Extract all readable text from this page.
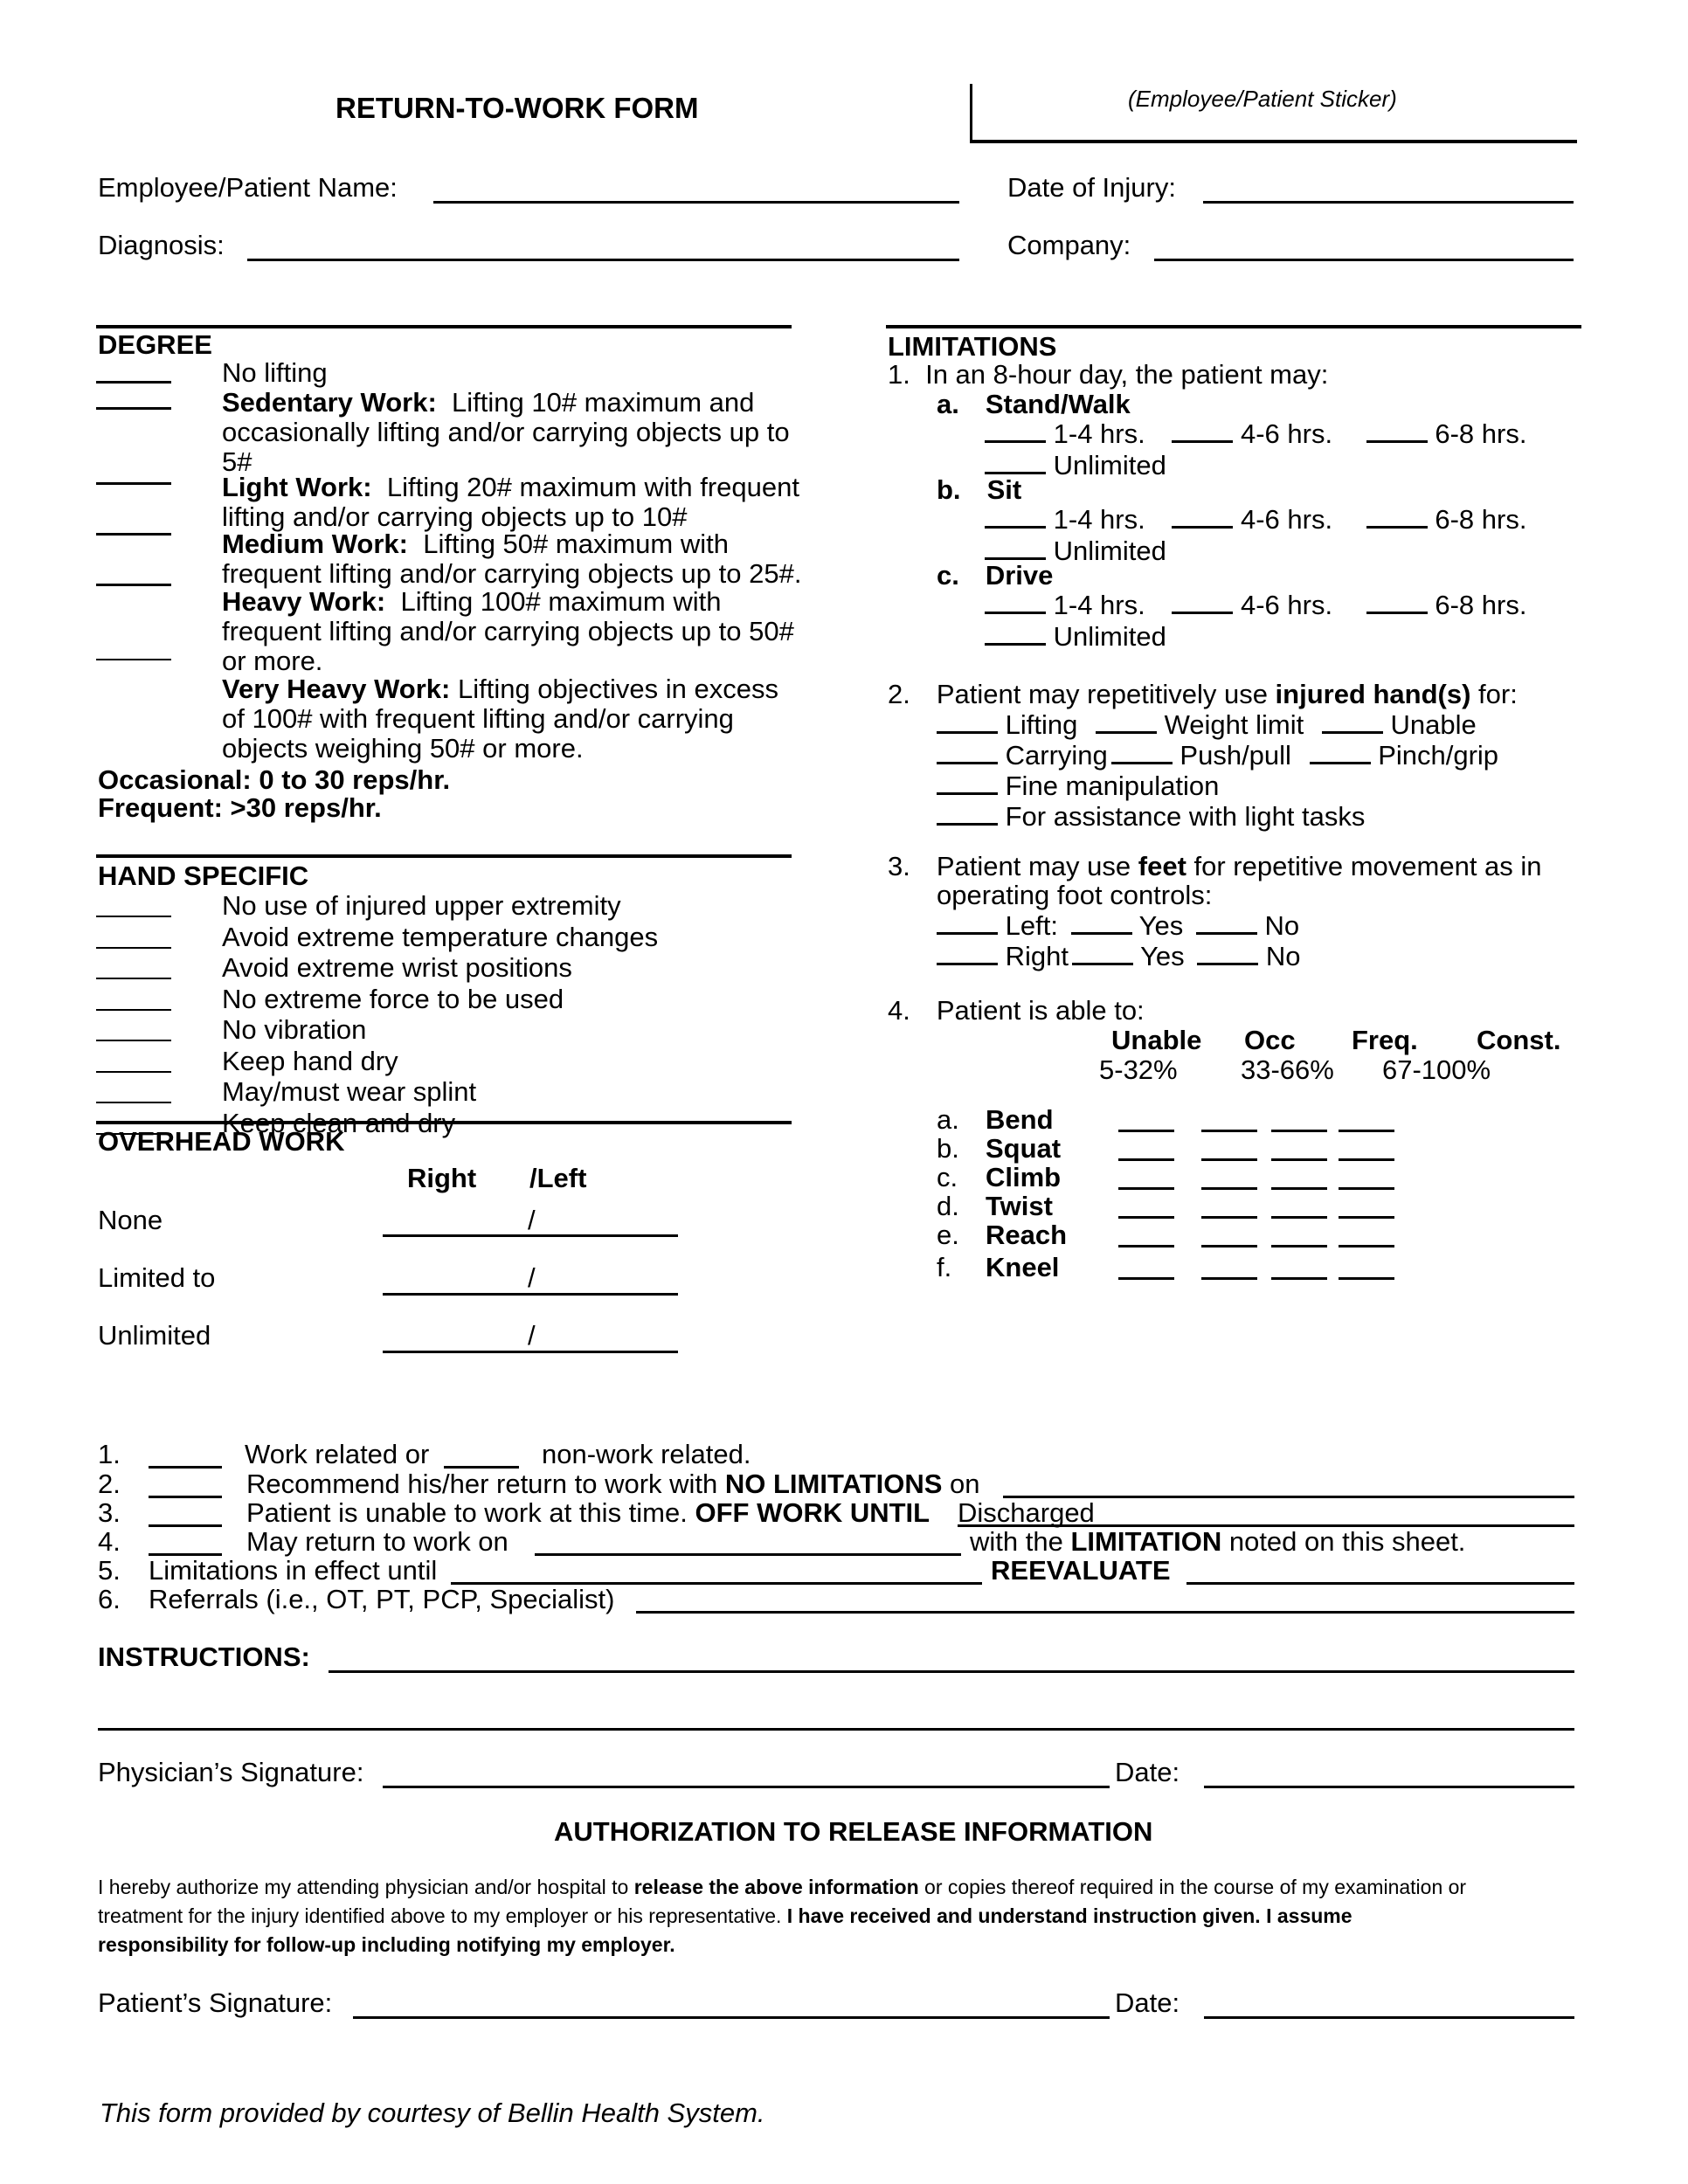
RETURN-TO-WORK FORM	(Employee/Patient Sticker)
Employee/Patient Name:	Date of Injury:
Diagnosis:	Company:
DEGREE
No lifting
Sedentary Work:  Lifting 10# maximum and
occasionally lifting and/or carrying objects up to
5#
Light Work:  Lifting 20# maximum with frequent
lifting and/or carrying objects up to 10#
Medium Work:  Lifting 50# maximum with
frequent lifting and/or carrying objects up to 25#.
Heavy Work:  Lifting 100# maximum with
frequent lifting and/or carrying objects up to 50#
or more.
Very Heavy Work: Lifting objectives in excess
of 100# with frequent lifting and/or carrying
objects weighing 50# or more.
Occasional: 0 to 30 reps/hr.
Frequent: >30 reps/hr.
HAND SPECIFIC
No use of injured upper extremity
Avoid extreme temperature changes
Avoid extreme wrist positions
No extreme force to be used
No vibration
Keep hand dry
May/must wear splint
Keep clean and dry
OVERHEAD WORK
Right /Left
None	/
Limited to	/
Unlimited	/
LIMITATIONS
1. In an 8-hour day, the patient may:
a. Stand/Walk
1-4 hrs.	4-6 hrs.	6-8 hrs.
Unlimited
b. Sit
1-4 hrs.	4-6 hrs.	6-8 hrs.
Unlimited
c. Drive
1-4 hrs.	4-6 hrs.	6-8 hrs.
Unlimited
2. Patient may repetitively use injured hand(s) for:
Lifting	Weight limit	Unable
Carrying	Push/pull	Pinch/grip
Fine manipulation
For assistance with light tasks
3. Patient may use feet for repetitive movement as in
operating foot controls:
Left:	Yes	No
Right	Yes	No
4. Patient is able to:
Unable Occ Freq. Const.
5-32% 33-66% 67-100%
a. Bend
b. Squat
c. Climb
d. Twist
e. Reach
f. Kneel
1.	Work related or	non-work related.
2.	Recommend his/her return to work with NO LIMITATIONS on
3.	Patient is unable to work at this time. OFF WORK UNTIL Discharged
4.	May return to work on	with the LIMITATION noted on this sheet.
5. Limitations in effect until	REEVALUATE
6. Referrals (i.e., OT, PT, PCP, Specialist)
INSTRUCTIONS:
Physician’s Signature:	Date:
AUTHORIZATION TO RELEASE INFORMATION
I hereby authorize my attending physician and/or hospital to release the above information or copies thereof required in the course of my examination or
treatment for the injury identified above to my employer or his representative. I have received and understand instruction given. I assume
responsibility for follow-up including notifying my employer.
Patient’s Signature:	Date:
This form provided by courtesy of Bellin Health System.
